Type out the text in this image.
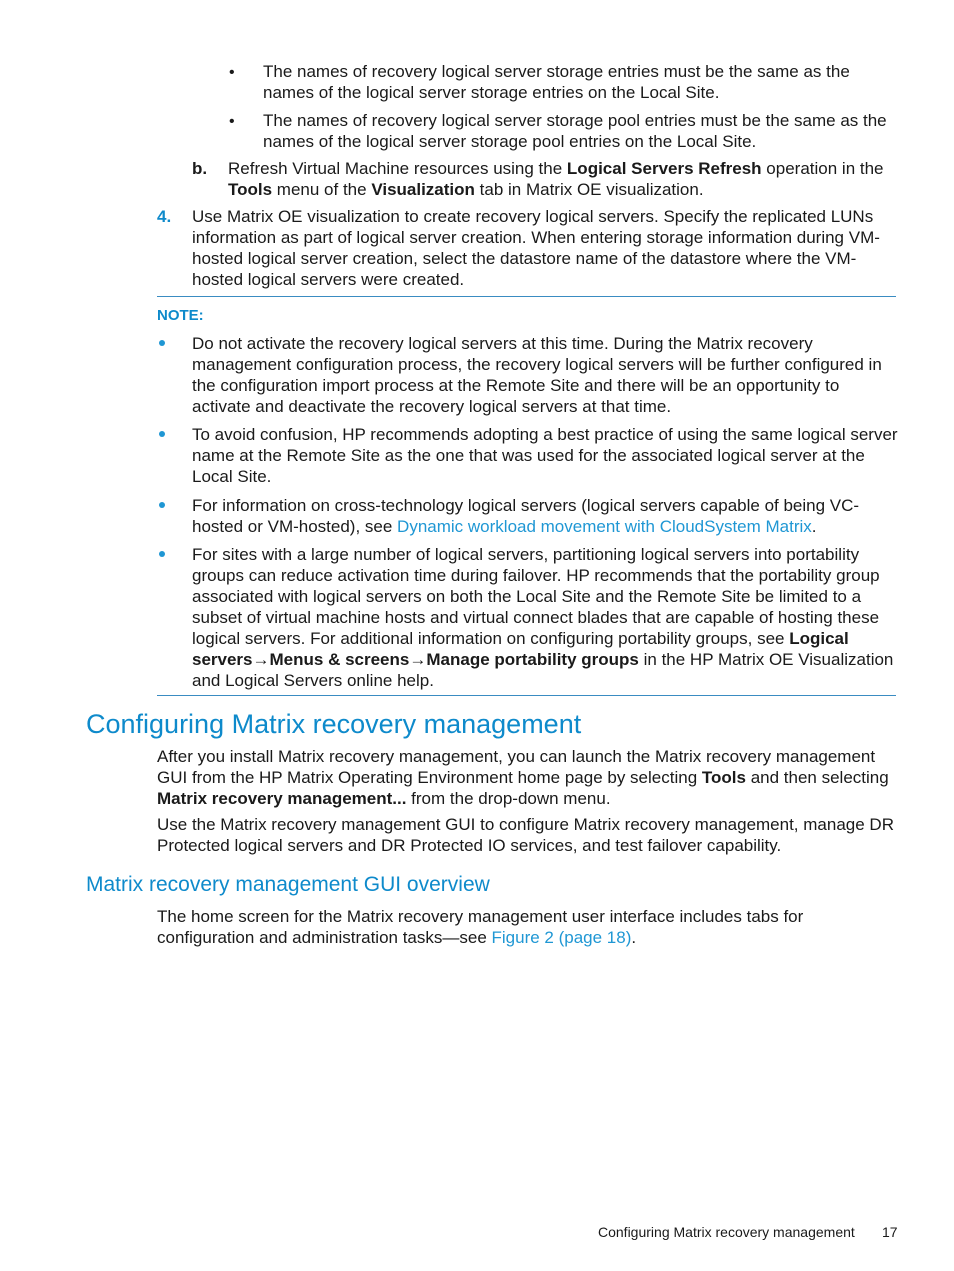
• The names of recovery logical server storage entries must be the same as the names of the logical server storage entries on the Local Site.
• The names of recovery logical server storage pool entries must be the same as the names of the logical server storage pool entries on the Local Site.
b. Refresh Virtual Machine resources using the Logical Servers Refresh operation in the Tools menu of the Visualization tab in Matrix OE visualization.
4. Use Matrix OE visualization to create recovery logical servers. Specify the replicated LUNs information as part of logical server creation. When entering storage information during VM-hosted logical server creation, select the datastore name of the datastore where the VM-hosted logical servers were created.
NOTE:
Do not activate the recovery logical servers at this time. During the Matrix recovery management configuration process, the recovery logical servers will be further configured in the configuration import process at the Remote Site and there will be an opportunity to activate and deactivate the recovery logical servers at that time.
To avoid confusion, HP recommends adopting a best practice of using the same logical server name at the Remote Site as the one that was used for the associated logical server at the Local Site.
For information on cross-technology logical servers (logical servers capable of being VC-hosted or VM-hosted), see Dynamic workload movement with CloudSystem Matrix.
For sites with a large number of logical servers, partitioning logical servers into portability groups can reduce activation time during failover. HP recommends that the portability group associated with logical servers on both the Local Site and the Remote Site be limited to a subset of virtual machine hosts and virtual connect blades that are capable of hosting these logical servers. For additional information on configuring portability groups, see Logical servers→Menus & screens→Manage portability groups in the HP Matrix OE Visualization and Logical Servers online help.
Configuring Matrix recovery management
After you install Matrix recovery management, you can launch the Matrix recovery management GUI from the HP Matrix Operating Environment home page by selecting Tools and then selecting Matrix recovery management... from the drop-down menu.
Use the Matrix recovery management GUI to configure Matrix recovery management, manage DR Protected logical servers and DR Protected IO services, and test failover capability.
Matrix recovery management GUI overview
The home screen for the Matrix recovery management user interface includes tabs for configuration and administration tasks—see Figure 2 (page 18).
Configuring Matrix recovery management 17
